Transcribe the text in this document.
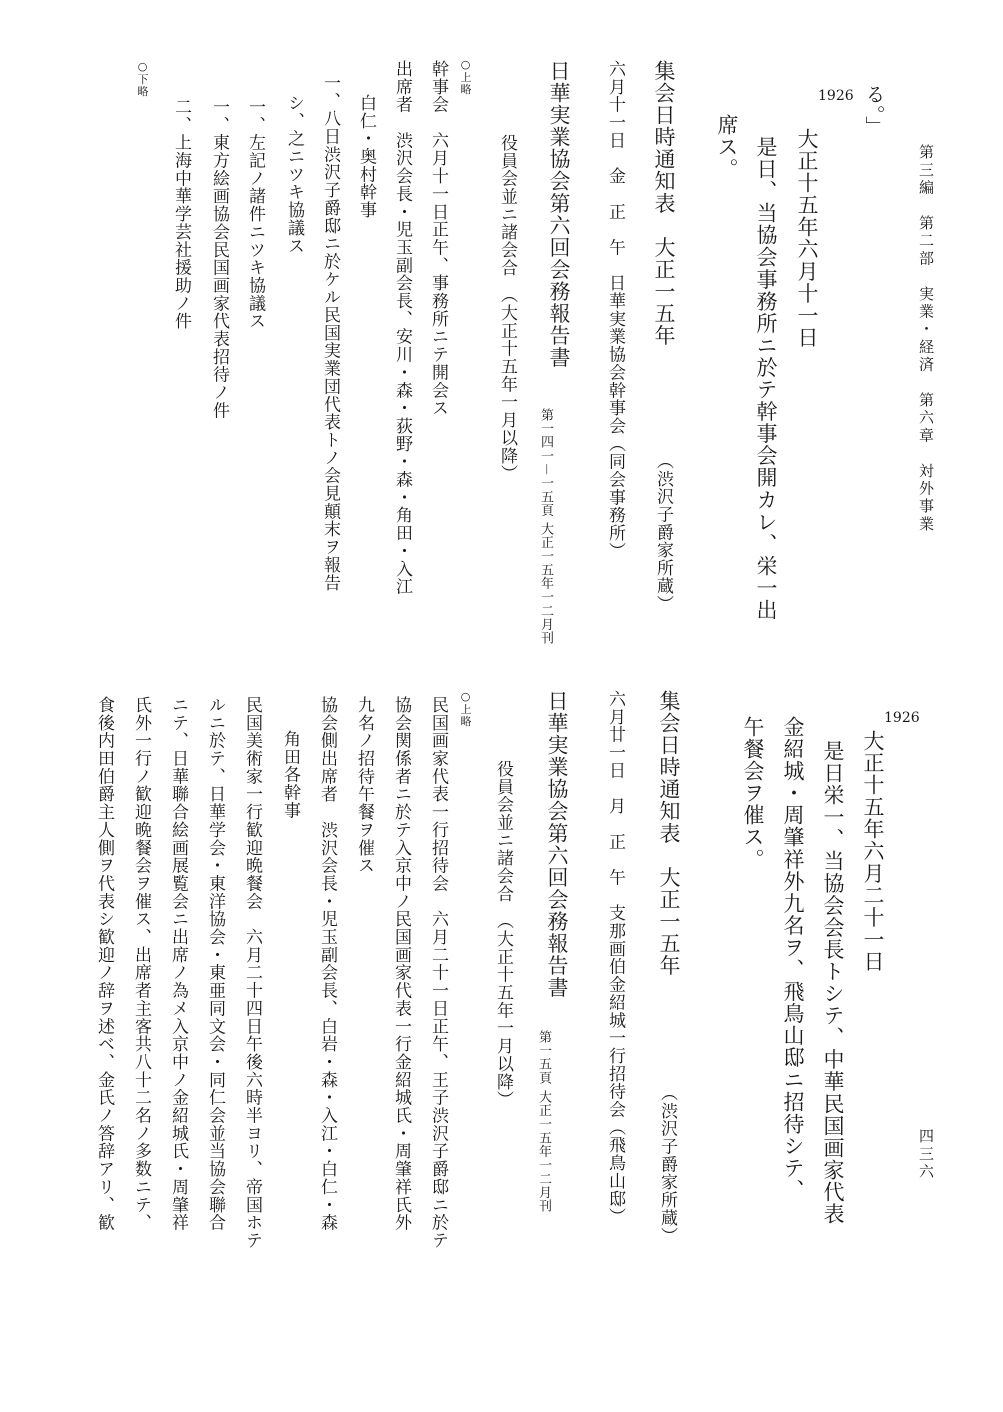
第三編　第二部　実業・経済　第六章　対外事業
四三六
る。」
1926
大正十五年六月十一日
是日、当協会事務所ニ於テ幹事会開カレ、栄一出
席ス。
集会日時通知表　大正一五年
（渋沢子爵家所蔵）
六月十一日　金　正　午　日華実業協会幹事会（同会事務所）
日華実業協会第六回会務報告書
第一四一－一五頁 大正一五年一二月刊
役員会並ニ諸会合　（大正十五年一月以降）
○上略
幹事会　六月十一日正午、事務所ニテ開会ス
出席者　渋沢会長・児玉副会長、安川・森・荻野・森・角田・入江
白仁・奥村幹事
一、八日渋沢子爵邸ニ於ケル民国実業団代表トノ会見顛末ヲ報告
シ、之ニツキ協議ス
一、左記ノ諸件ニツキ協議ス
一、東方絵画協会民国画家代表招待ノ件
二、上海中華学芸社援助ノ件
○下略
1926
大正十五年六月二十一日
是日栄一、当協会会長トシテ、中華民国画家代表
金紹城・周肇祥外九名ヲ、飛鳥山邸ニ招待シテ、
午餐会ヲ催ス。
集会日時通知表　大正一五年
（渋沢子爵家所蔵）
六月廿一日　月　正　午　支那画伯金紹城一行招待会（飛鳥山邸）
日華実業協会第六回会務報告書
第一五頁 大正一五年一二月刊
役員会並ニ諸会合　（大正十五年一月以降）
○上略
民国画家代表一行招待会　六月二十一日正午、王子渋沢子爵邸ニ於テ
協会関係者ニ於テ入京中ノ民国画家代表一行金紹城氏・周肇祥氏外
九名ノ招待午餐ヲ催ス
協会側出席者　渋沢会長・児玉副会長、白岩・森・入江・白仁・森
角田各幹事
民国美術家一行歓迎晩餐会　六月二十四日午後六時半ヨリ、帝国ホテ
ルニ於テ、日華学会・東洋協会・東亜同文会・同仁会並当協会聯合
ニテ、日華聯合絵画展覧会ニ出席ノ為メ入京中ノ金紹城氏・周肇祥
氏外一行ノ歓迎晩餐会ヲ催ス、出席者主客共八十二名ノ多数ニテ、
食後内田伯爵主人側ヲ代表シ歓迎ノ辞ヲ述ベ、金氏ノ答辞アリ、歓
